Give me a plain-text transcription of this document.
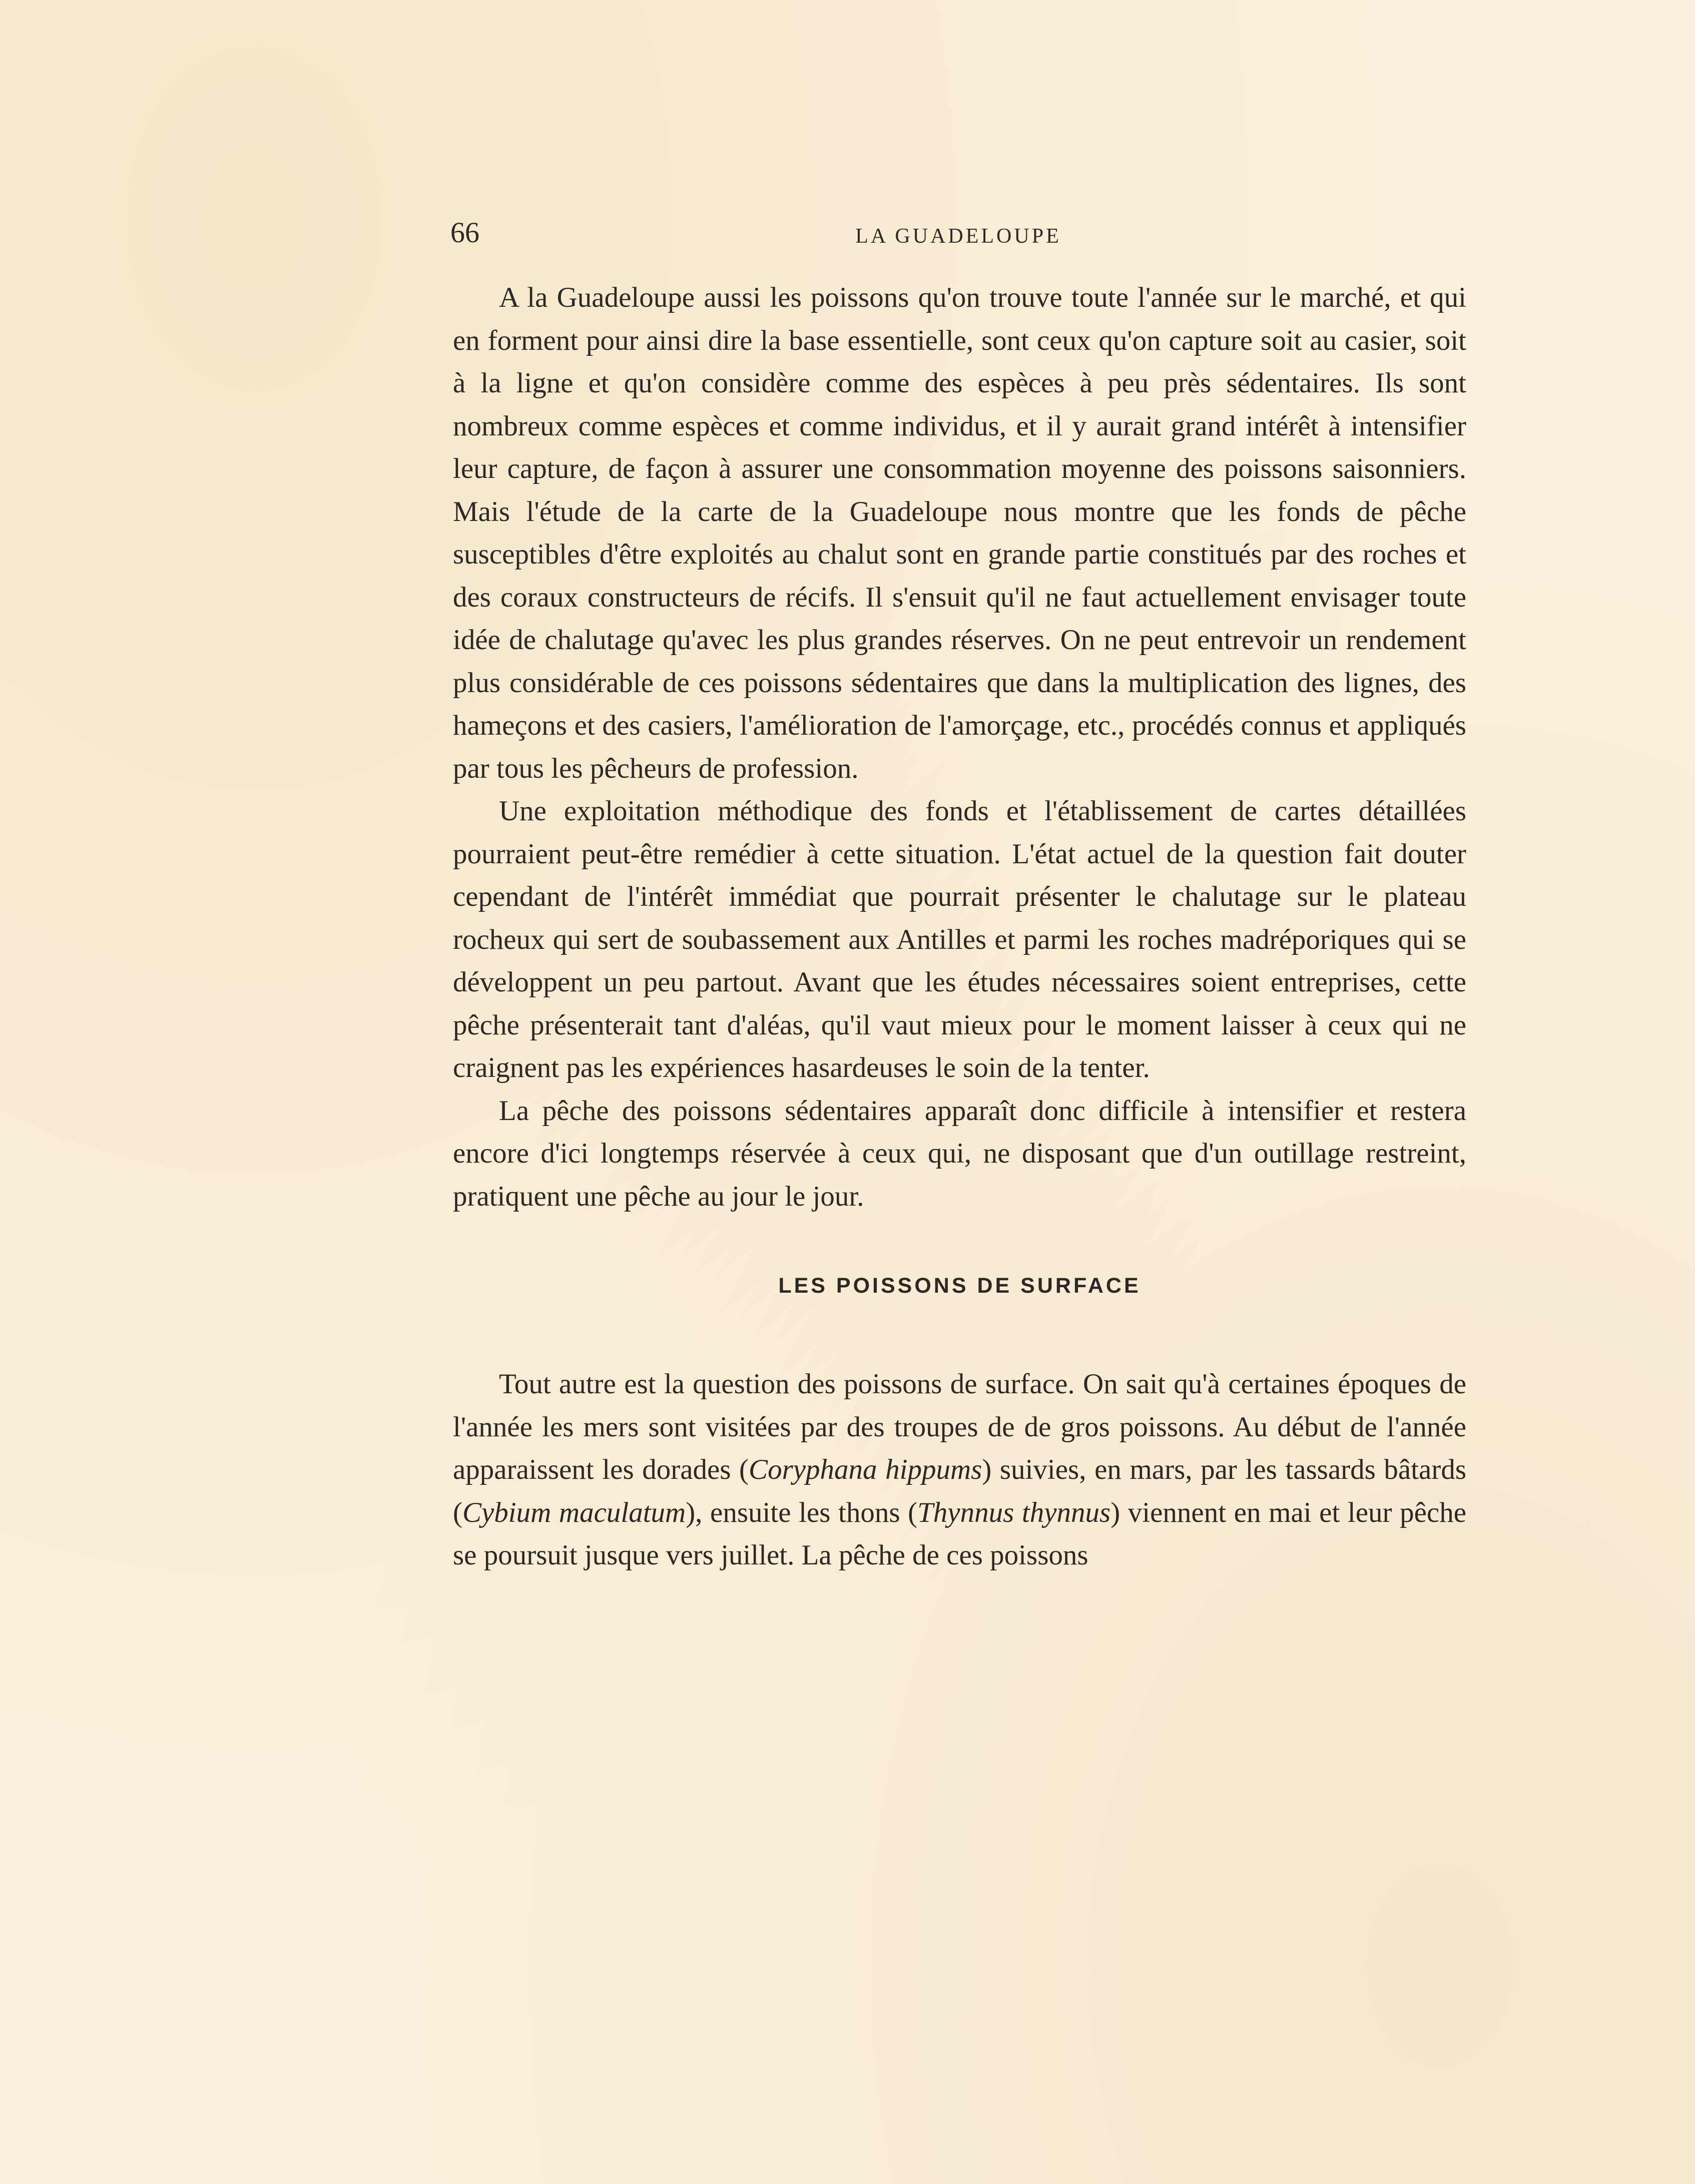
66	LA GUADELOUPE

A la Guadeloupe aussi les poissons qu'on trouve toute l'année sur le marché, et qui en forment pour ainsi dire la base essentielle, sont ceux qu'on capture soit au casier, soit à la ligne et qu'on considère comme des espèces à peu près sédentaires. Ils sont nombreux comme espèces et comme individus, et il y aurait grand intérêt à intensifier leur capture, de façon à assurer une consommation moyenne des poissons saisonniers. Mais l'étude de la carte de la Guadeloupe nous montre que les fonds de pêche susceptibles d'être exploités au chalut sont en grande partie constitués par des roches et des coraux constructeurs de récifs. Il s'ensuit qu'il ne faut actuellement envisager toute idée de chalutage qu'avec les plus grandes réserves. On ne peut entrevoir un rendement plus considérable de ces poissons sédentaires que dans la multiplication des lignes, des hameçons et des casiers, l'amélioration de l'amorçage, etc., procédés connus et appliqués par tous les pêcheurs de profession.

Une exploitation méthodique des fonds et l'établissement de cartes détaillées pourraient peut-être remédier à cette situation. L'état actuel de la question fait douter cependant de l'intérêt immédiat que pourrait présenter le chalutage sur le plateau rocheux qui sert de soubassement aux Antilles et parmi les roches madréporiques qui se développent un peu partout. Avant que les études nécessaires soient entreprises, cette pêche présenterait tant d'aléas, qu'il vaut mieux pour le moment laisser à ceux qui ne craignent pas les expériences hasardeuses le soin de la tenter.

La pêche des poissons sédentaires apparaît donc difficile à intensifier et restera encore d'ici longtemps réservée à ceux qui, ne disposant que d'un outillage restreint, pratiquent une pêche au jour le jour.

LES POISSONS DE SURFACE

Tout autre est la question des poissons de surface. On sait qu'à certaines époques de l'année les mers sont visitées par des troupes de de gros poissons. Au début de l'année apparaissent les dorades (Coryphana hippums) suivies, en mars, par les tassards bâtards (Cybium maculatum), ensuite les thons (Thynnus thynnus) viennent en mai et leur pêche se poursuit jusque vers juillet. La pêche de ces poissons
